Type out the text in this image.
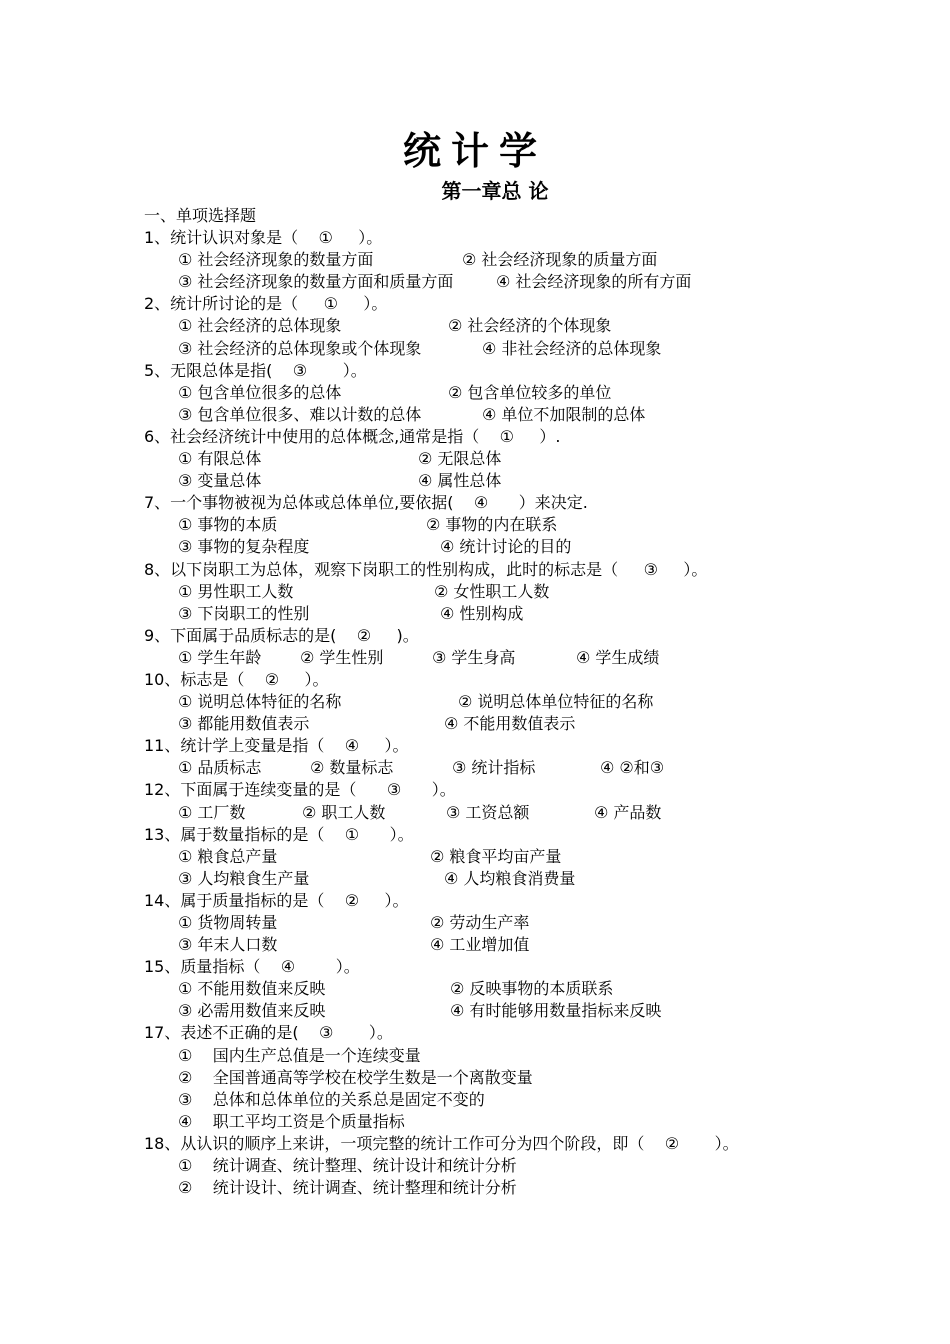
统计学
第一章总 论
一、单项选择题
1、统计认识对象是（    ①     ）。
① 社会经济现象的数量方面	② 社会经济现象的质量方面
③ 社会经济现象的数量方面和质量方面	④ 社会经济现象的所有方面
2、统计所讨论的是（     ①     ）。
① 社会经济的总体现象	② 社会经济的个体现象
③ 社会经济的总体现象或个体现象	④ 非社会经济的总体现象
5、无限总体是指(    ③       ）。
① 包含单位很多的总体	② 包含单位较多的单位
③ 包含单位很多、难以计数的总体	④ 单位不加限制的总体
6、社会经济统计中使用的总体概念,通常是指（    ①     ）.
① 有限总体	② 无限总体
③ 变量总体	④ 属性总体
7、一个事物被视为总体或总体单位,要依据(    ④      ）来决定.
① 事物的本质	② 事物的内在联系
③ 事物的复杂程度	④ 统计讨论的目的
8、以下岗职工为总体，观察下岗职工的性别构成，此时的标志是（     ③     ）。
① 男性职工人数	② 女性职工人数
③ 下岗职工的性别	④ 性别构成
9、下面属于品质标志的是(    ②     )。
① 学生年龄 ② 学生性别	③ 学生身高	④ 学生成绩
10、标志是（    ②     ）。
① 说明总体特征的名称	② 说明总体单位特征的名称
③ 都能用数值表示	④ 不能用数值表示
11、统计学上变量是指（    ④     ）。
① 品质标志	② 数量标志	③ 统计指标	④ ②和③
12、下面属于连续变量的是（      ③      ）。
① 工厂数	② 职工人数	③ 工资总额	④ 产品数
13、属于数量指标的是（    ①      ）。
① 粮食总产量	② 粮食平均亩产量
③ 人均粮食生产量	④ 人均粮食消费量
14、属于质量指标的是（    ②     ）。
① 货物周转量	② 劳动生产率
③ 年末人口数	④ 工业增加值
15、质量指标（    ④        ）。
① 不能用数值来反映	② 反映事物的本质联系
③ 必需用数值来反映	④ 有时能够用数量指标来反映
17、表述不正确的是(    ③       ）。
①    国内生产总值是一个连续变量
②    全国普通高等学校在校学生数是一个离散变量
③    总体和总体单位的关系总是固定不变的
④    职工平均工资是个质量指标
18、从认识的顺序上来讲，一项完整的统计工作可分为四个阶段，即（    ②       ）。
①    统计调查、统计整理、统计设计和统计分析
②    统计设计、统计调查、统计整理和统计分析
